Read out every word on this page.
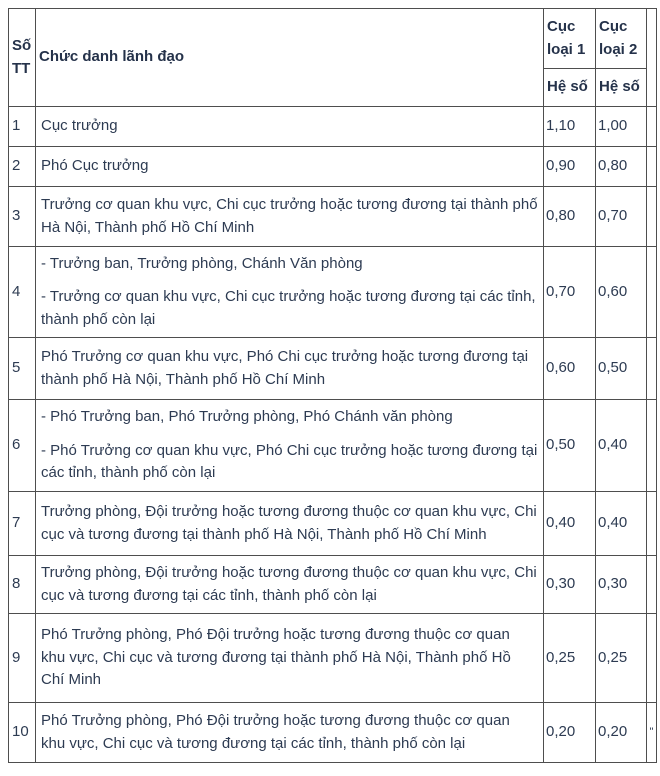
Số TT	Chức danh lãnh đạo	Cục loại 1	Cục loại 2	
		Hệ số	Hệ số	
1	Cục trưởng	1,10	1,00	
2	Phó Cục trưởng	0,90	0,80	
3	Trưởng cơ quan khu vực, Chi cục trưởng hoặc tương đương tại thành phố Hà Nội, Thành phố Hồ Chí Minh	0,80	0,70	
4	- Trưởng ban, Trưởng phòng, Chánh Văn phòng

- Trưởng cơ quan khu vực, Chi cục trưởng hoặc tương đương tại các tỉnh, thành phố còn lại	0,70	0,60	
5	Phó Trưởng cơ quan khu vực, Phó Chi cục trưởng hoặc tương đương tại thành phố Hà Nội, Thành phố Hồ Chí Minh	0,60	0,50	
6	- Phó Trưởng ban, Phó Trưởng phòng, Phó Chánh văn phòng

- Phó Trưởng cơ quan khu vực, Phó Chi cục trưởng hoặc tương đương tại các tỉnh, thành phố còn lại	0,50	0,40	
7	Trưởng phòng, Đội trưởng hoặc tương đương thuộc cơ quan khu vực, Chi cục và tương đương tại thành phố Hà Nội, Thành phố Hồ Chí Minh	0,40	0,40	
8	Trưởng phòng, Đội trưởng hoặc tương đương thuộc cơ quan khu vực, Chi cục và tương đương tại các tỉnh, thành phố còn lại	0,30	0,30	
9	Phó Trưởng phòng, Phó Đội trưởng hoặc tương đương thuộc cơ quan khu vực, Chi cục và tương đương tại thành phố Hà Nội, Thành phố Hồ Chí Minh	0,25	0,25	
10	Phó Trưởng phòng, Phó Đội trưởng hoặc tương đương thuộc cơ quan khu vực, Chi cục và tương đương tại các tỉnh, thành phố còn lại	0,20	0,20	"
